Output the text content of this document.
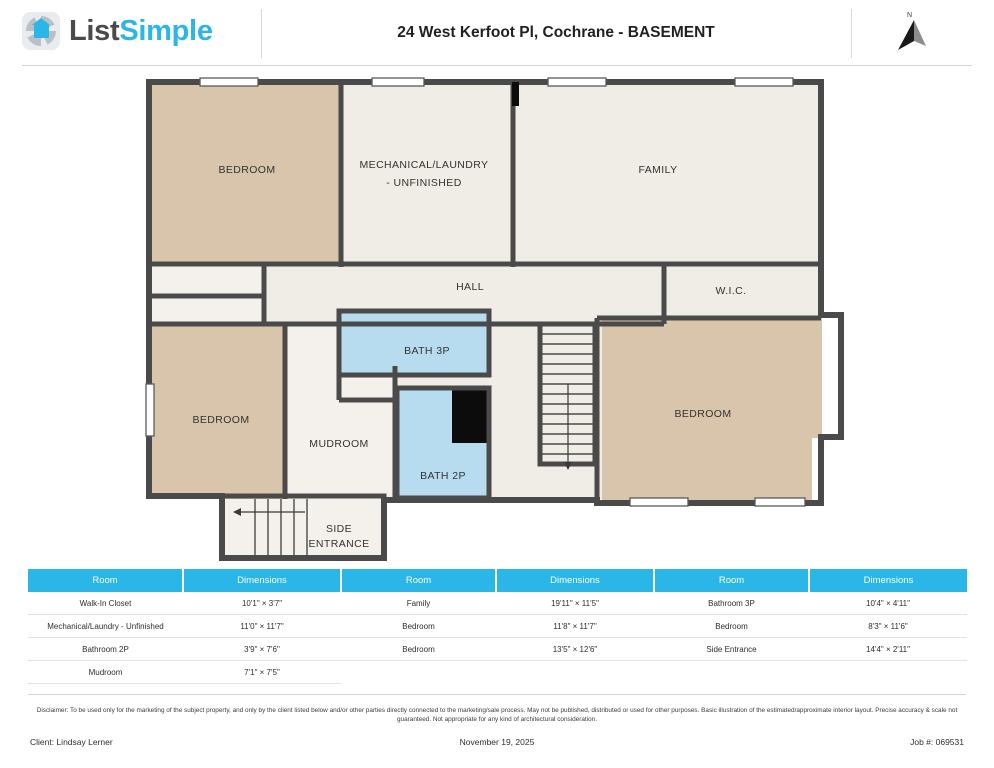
ListSimple	24 West Kerfoot Pl, Cochrane - BASEMENT
N
BEDROOM	MECHANICAL/LAUNDRY
- UNFINISHED
FAMILY
HALL	W.I.C.
BATH 3P
BEDROOM
MUDROOM
BATH 2P
BEDROOM
SIDE
ENTRANCE
Room	Dimensions	Room	Dimensions	Room	Dimensions
Walk-In Closet	10'1" × 3'7"	Family	19'11" × 11'5"	Bathroom 3P	10'4" × 4'11"
Mechanical/Laundry - Unfinished	11'0" × 11'7"	Bedroom	11'8" × 11'7"	Bedroom	8'3" × 11'6"
Bathroom 2P	3'9" × 7'6"	Bedroom	13'5" × 12'6"	Side Entrance	14'4" × 2'11"
Mudroom	7'1" × 7'5"				
Disclaimer: To be used only for the marketing of the subject property, and only by the client listed below and/or other parties directly connected to the marketing/sale process. May not be published, distributed or used for other purposes. Basic illustration of the estimated/approximate interior layout. Precise accuracy & scale not guaranteed. Not appropriate for any kind of architectural consideration.
Client: Lindsay Lerner	November 19, 2025	Job #: 069531
